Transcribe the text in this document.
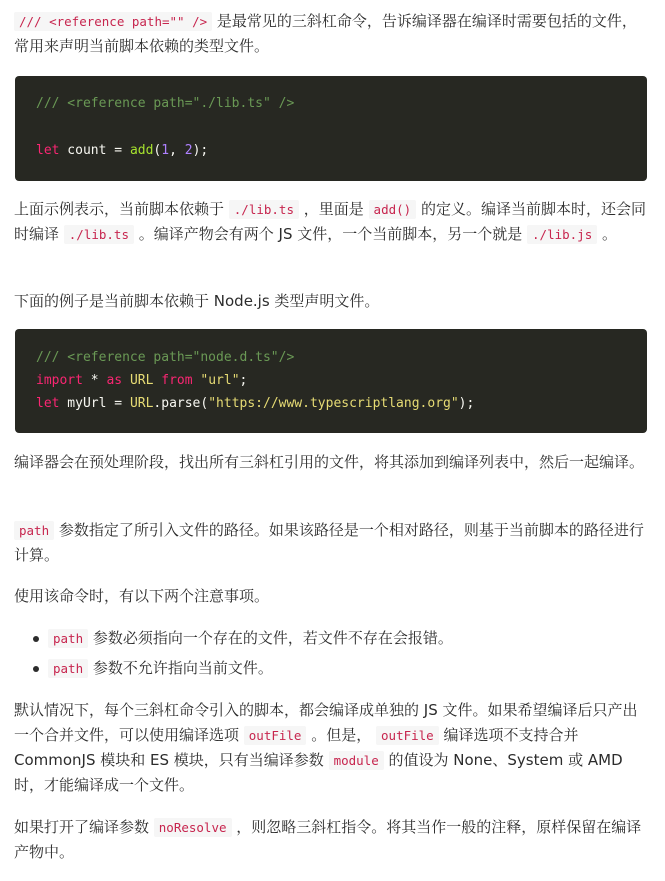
/// <reference path="" /> 是最常见的三斜杠命令，告诉编译器在编译时需要包括的文件，常用来声明当前脚本依赖的类型文件。

/// <reference path="./lib.ts" />
let count = add(1, 2);

上面示例表示，当前脚本依赖于 ./lib.ts ，里面是 add() 的定义。编译当前脚本时，还会同时编译 ./lib.ts 。编译产物会有两个 JS 文件，一个当前脚本，另一个就是 ./lib.js 。

下面的例子是当前脚本依赖于 Node.js 类型声明文件。

/// <reference path="node.d.ts"/>
import * as URL from "url";
let myUrl = URL.parse("https://www.typescriptlang.org");

编译器会在预处理阶段，找出所有三斜杠引用的文件，将其添加到编译列表中，然后一起编译。

path 参数指定了所引入文件的路径。如果该路径是一个相对路径，则基于当前脚本的路径进行计算。

使用该命令时，有以下两个注意事项。

path 参数必须指向一个存在的文件，若文件不存在会报错。
path 参数不允许指向当前文件。

默认情况下，每个三斜杠命令引入的脚本，都会编译成单独的 JS 文件。如果希望编译后只产出一个合并文件，可以使用编译选项 outFile 。但是， outFile 编译选项不支持合并 CommonJS 模块和 ES 模块，只有当编译参数 module 的值设为 None、System 或 AMD 时，才能编译成一个文件。

如果打开了编译参数 noResolve ，则忽略三斜杠指令。将其当作一般的注释，原样保留在编译产物中。
